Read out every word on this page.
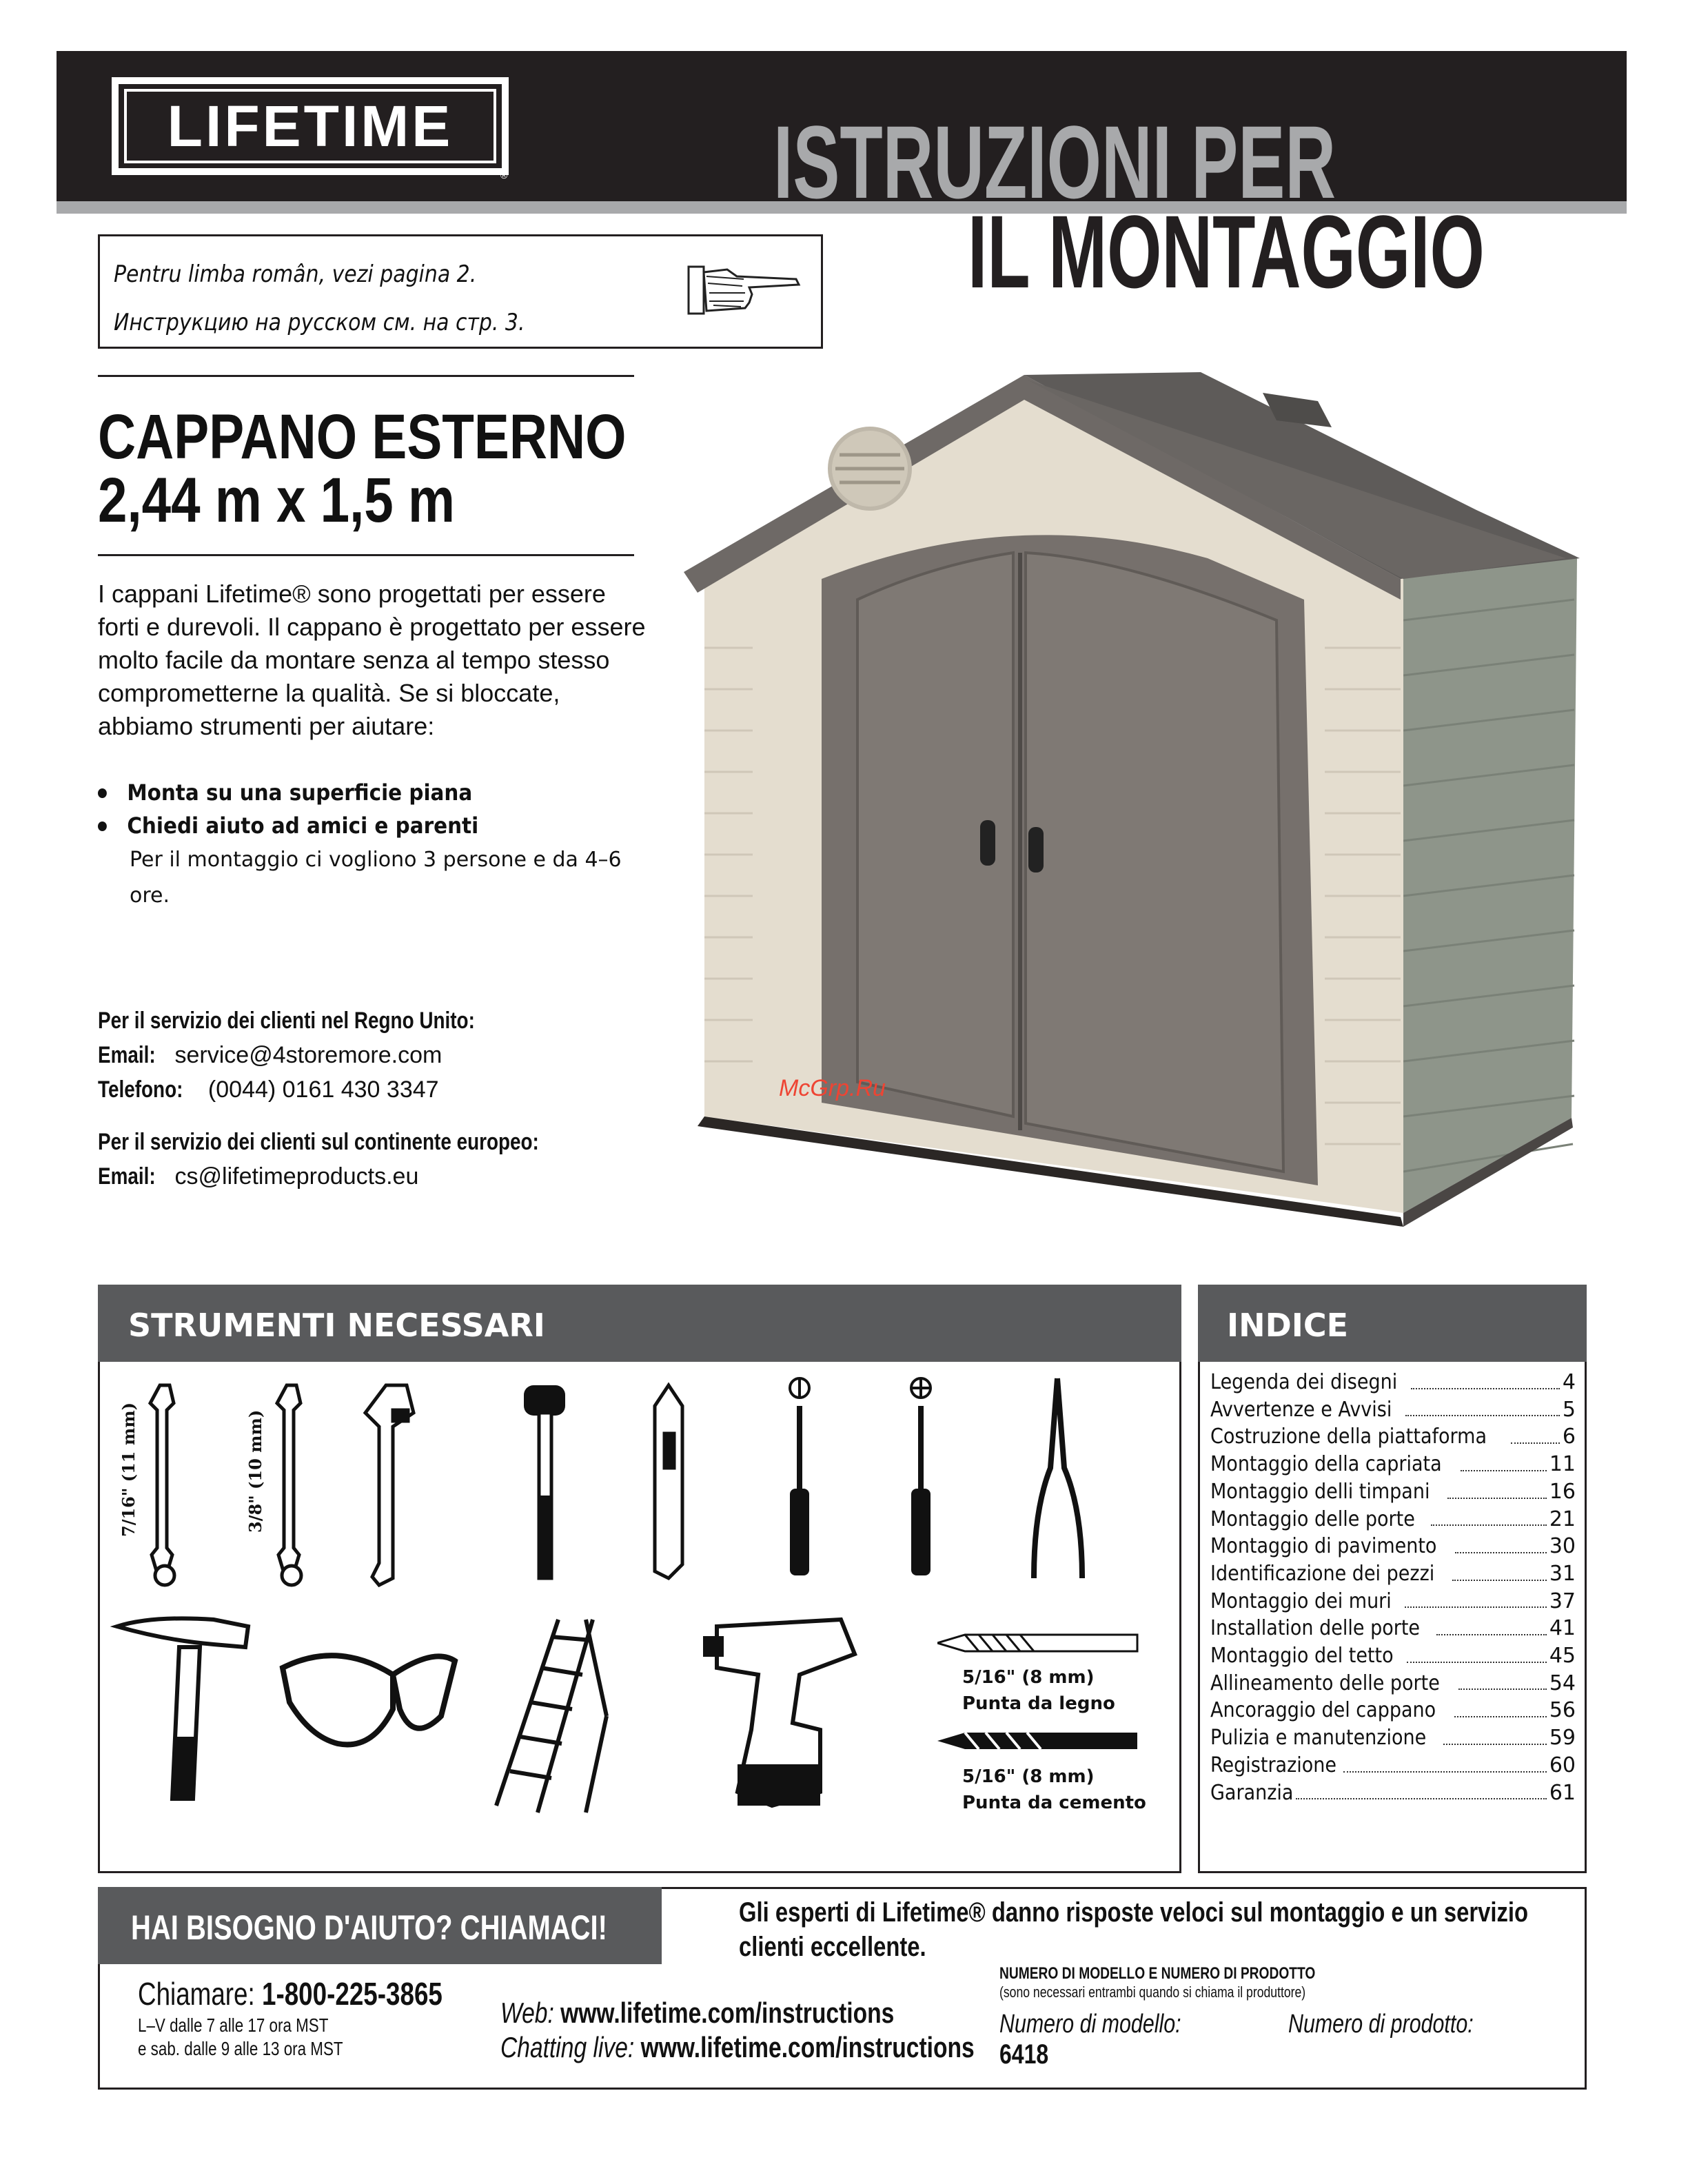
LIFETIME
®	ISTRUZIONI PER
IL MONTAGGIO

Pentru limba român, vezi pagina 2.

Инструкцию на русском см. на стр. 3.

CAPPANO ESTERNO
2,44 m x 1,5 m
I cappani Lifetime® sono progettati per essere forti e durevoli. Il cappano è progettato per essere molto facile da montare senza al tempo stesso comprometterne la qualità. Se si bloccate, abbiamo strumenti per aiutare:
Monta su una superficie piana
Chiedi aiuto ad amici e parenti
Per il montaggio ci vogliono 3 persone e da 4–6 ore.
Per il servizio dei clienti nel Regno Unito:
Email: service@4storemore.com
Telefono: (0044) 0161 430 3347
Per il servizio dei clienti sul continente europeo:
Email: cs@lifetimeproducts.eu
McGrp.Ru
STRUMENTI NECESSARI
7/16" (11 mm)	3/8" (10 mm)
5/16" (8 mm)
Punta da legno
5/16" (8 mm)
Punta da cemento
INDICE
Legenda dei disegni	4
Avvertenze e Avvisi	5
Costruzione della piattaforma	6
Montaggio della capriata	11
Montaggio delli timpani	16
Montaggio delle porte	21
Montaggio di pavimento	30
Identificazione dei pezzi	31
Montaggio dei muri	37
Installation delle porte	41
Montaggio del tetto	45
Allineamento delle porte	54
Ancoraggio del cappano	56
Pulizia e manutenzione	59
Registrazione	60
Garanzia	61
HAI BISOGNO D'AIUTO? CHIAMACI!	Gli esperti di Lifetime® danno risposte veloci sul montaggio e un servizio
clienti eccellente.
Chiamare: 1-800-225-3865
L–V dalle 7 alle 17 ora MST
e sab. dalle 9 alle 13 ora MST
Web: www.lifetime.com/instructions
Chatting live: www.lifetime.com/instructions
NUMERO DI MODELLO E NUMERO DI PRODOTTO
(sono necessari entrambi quando si chiama il produttore)
Numero di modello:	Numero di prodotto:
6418
